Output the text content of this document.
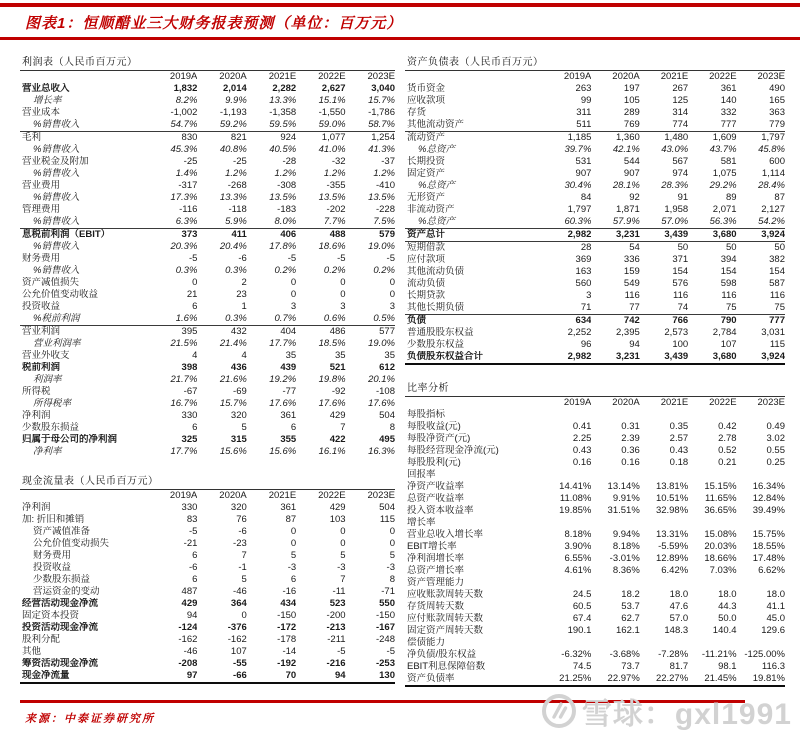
图表1：恒顺醋业三大财务报表预测（单位：百万元）
利润表（人民币百万元）
	2019A	2020A	2021E	2022E	2023E
营业总收入	1,832	2,014	2,282	2,627	3,040
增长率	8.2%	9.9%	13.3%	15.1%	15.7%
营业成本	-1,002	-1,193	-1,358	-1,550	-1,786
%销售收入	54.7%	59.2%	59.5%	59.0%	58.7%
毛利	830	821	924	1,077	1,254
%销售收入	45.3%	40.8%	40.5%	41.0%	41.3%
营业税金及附加	-25	-25	-28	-32	-37
%销售收入	1.4%	1.2%	1.2%	1.2%	1.2%
营业费用	-317	-268	-308	-355	-410
%销售收入	17.3%	13.3%	13.5%	13.5%	13.5%
管理费用	-116	-118	-183	-202	-228
%销售收入	6.3%	5.9%	8.0%	7.7%	7.5%
息税前利润（EBIT）	373	411	406	488	579
%销售收入	20.3%	20.4%	17.8%	18.6%	19.0%
财务费用	-5	-6	-5	-5	-5
%销售收入	0.3%	0.3%	0.2%	0.2%	0.2%
资产减值损失	0	2	0	0	0
公允价值变动收益	21	23	0	0	0
投资收益	6	1	3	3	3
%税前利润	1.6%	0.3%	0.7%	0.6%	0.5%
营业利润	395	432	404	486	577
营业利润率	21.5%	21.4%	17.7%	18.5%	19.0%
营业外收支	4	4	35	35	35
税前利润	398	436	439	521	612
利润率	21.7%	21.6%	19.2%	19.8%	20.1%
所得税	-67	-69	-77	-92	-108
所得税率	16.7%	15.7%	17.6%	17.6%	17.6%
净利润	330	320	361	429	504
少数股东损益	6	5	6	7	8
归属于母公司的净利润	325	315	355	422	495
净利率	17.7%	15.6%	15.6%	16.1%	16.3%
现金流量表（人民币百万元）
	2019A	2020A	2021E	2022E	2023E
净利润	330	320	361	429	504
加: 折旧和摊销	83	76	87	103	115
资产减值准备	-5	-6	0	0	0
公允价值变动损失	-21	-23	0	0	0
财务费用	6	7	5	5	5
投资收益	-6	-1	-3	-3	-3
少数股东损益	6	5	6	7	8
营运资金的变动	487	-46	-16	-11	-71
经营活动现金净流	429	364	434	523	550
固定资本投资	94	0	-150	-200	-150
投资活动现金净流	-124	-376	-172	-213	-167
股利分配	-162	-162	-178	-211	-248
其他	-46	107	-14	-5	-5
筹资活动现金净流	-208	-55	-192	-216	-253
现金净流量	97	-66	70	94	130
资产负债表（人民币百万元）
	2019A	2020A	2021E	2022E	2023E
货币资金	263	197	267	361	490
应收款项	99	105	125	140	165
存货	311	289	314	332	363
其他流动资产	511	769	774	777	779
流动资产	1,185	1,360	1,480	1,609	1,797
%总资产	39.7%	42.1%	43.0%	43.7%	45.8%
长期投资	531	544	567	581	600
固定资产	907	907	974	1,075	1,114
%总资产	30.4%	28.1%	28.3%	29.2%	28.4%
无形资产	84	92	91	89	87
非流动资产	1,797	1,871	1,958	2,071	2,127
%总资产	60.3%	57.9%	57.0%	56.3%	54.2%
资产总计	2,982	3,231	3,439	3,680	3,924
短期借款	28	54	50	50	50
应付款项	369	336	371	394	382
其他流动负债	163	159	154	154	154
流动负债	560	549	576	598	587
长期贷款	3	116	116	116	116
其他长期负债	71	77	74	75	75
负债	634	742	766	790	777
普通股股东权益	2,252	2,395	2,573	2,784	3,031
少数股东权益	96	94	100	107	115
负债股东权益合计	2,982	3,231	3,439	3,680	3,924
比率分析
	2019A	2020A	2021E	2022E	2023E
每股指标					
每股收益(元)	0.41	0.31	0.35	0.42	0.49
每股净资产(元)	2.25	2.39	2.57	2.78	3.02
每股经营现金净流(元)	0.43	0.36	0.43	0.52	0.55
每股股利(元)	0.16	0.16	0.18	0.21	0.25
回报率					
净资产收益率	14.41%	13.14%	13.81%	15.15%	16.34%
总资产收益率	11.08%	9.91%	10.51%	11.65%	12.84%
投入资本收益率	19.85%	31.51%	32.98%	36.65%	39.49%
增长率					
营业总收入增长率	8.18%	9.94%	13.31%	15.08%	15.75%
EBIT增长率	3.90%	8.18%	-5.59%	20.03%	18.55%
净利润增长率	6.55%	-3.01%	12.89%	18.66%	17.48%
总资产增长率	4.61%	8.36%	6.42%	7.03%	6.62%
资产管理能力					
应收账款周转天数	24.5	18.2	18.0	18.0	18.0
存货周转天数	60.5	53.7	47.6	44.3	41.1
应付账款周转天数	67.4	62.7	57.0	50.0	45.0
固定资产周转天数	190.1	162.1	148.3	140.4	129.6
偿债能力					
净负债/股东权益	-6.32%	-3.68%	-7.28%	-11.21%	-125.00%
EBIT利息保障倍数	74.5	73.7	81.7	98.1	116.3
资产负债率	21.25%	22.97%	22.27%	21.45%	19.81%
来源：中泰证券研究所	雪球：gxl1991
